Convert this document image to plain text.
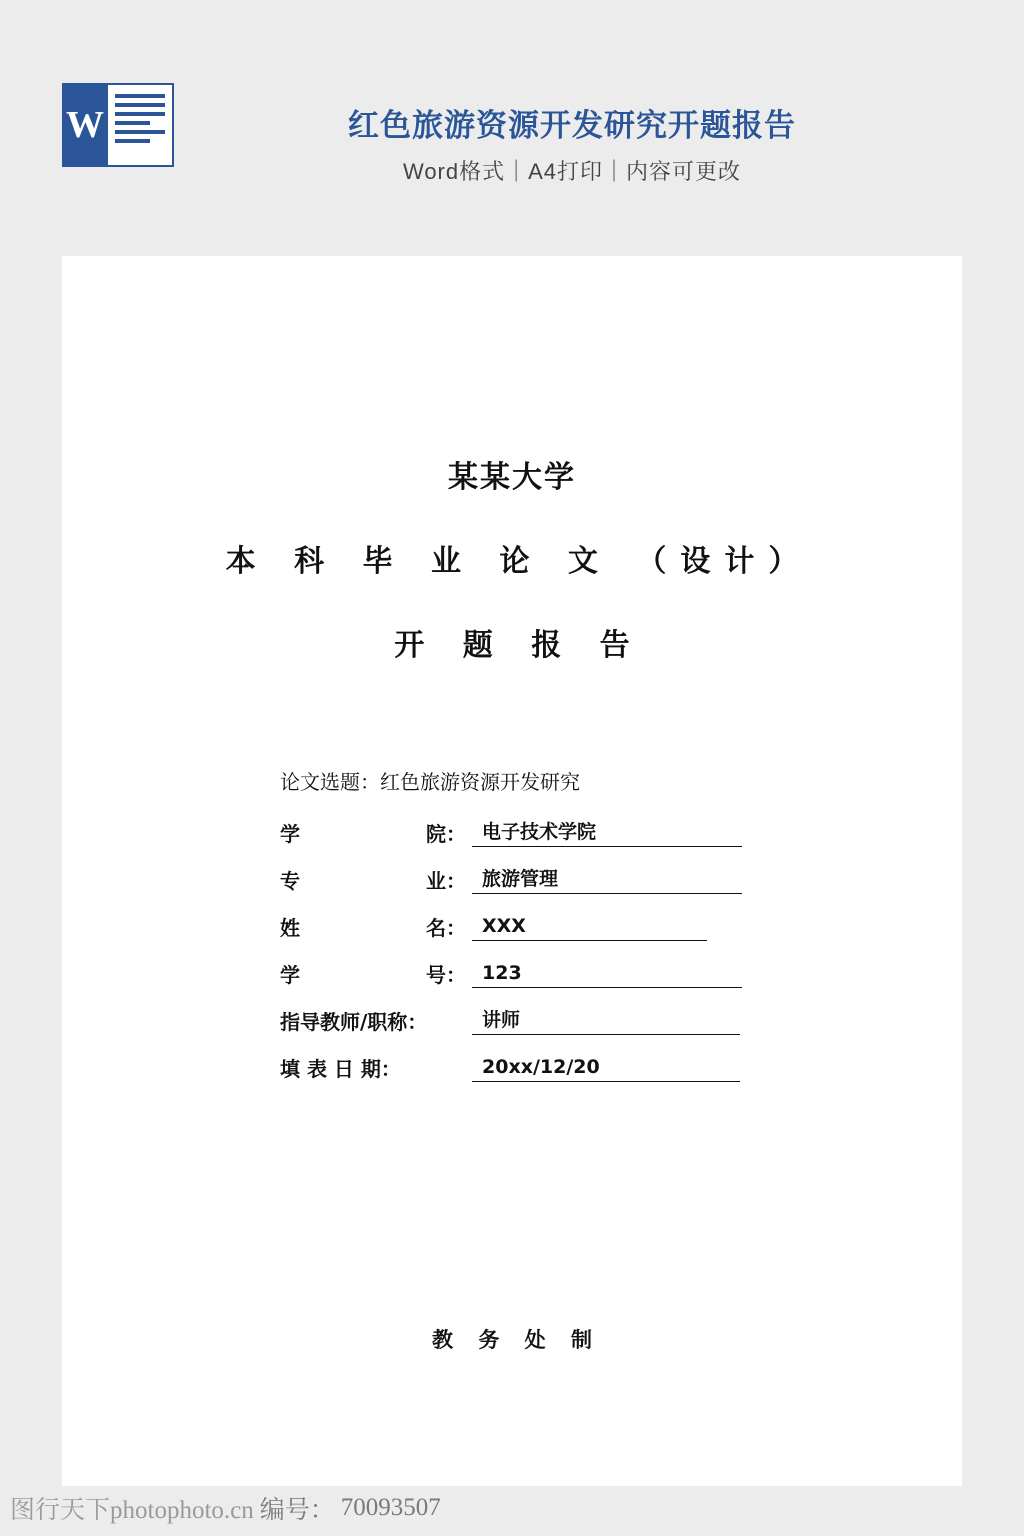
W	红色旅游资源开发研究开题报告
Word格式｜A4打印｜内容可更改
某某大学
本 科 毕 业 论 文 （设计）
开 题 报 告
论文选题：红色旅游资源开发研究
学	院： 电子技术学院
专	业： 旅游管理
姓	名： XXX
学	号： 123
指导教师/职称：	讲师
填 表 日 期：	20xx/12/20
教 务 处 制
图行天下photophoto.cn 编号： 70093507
